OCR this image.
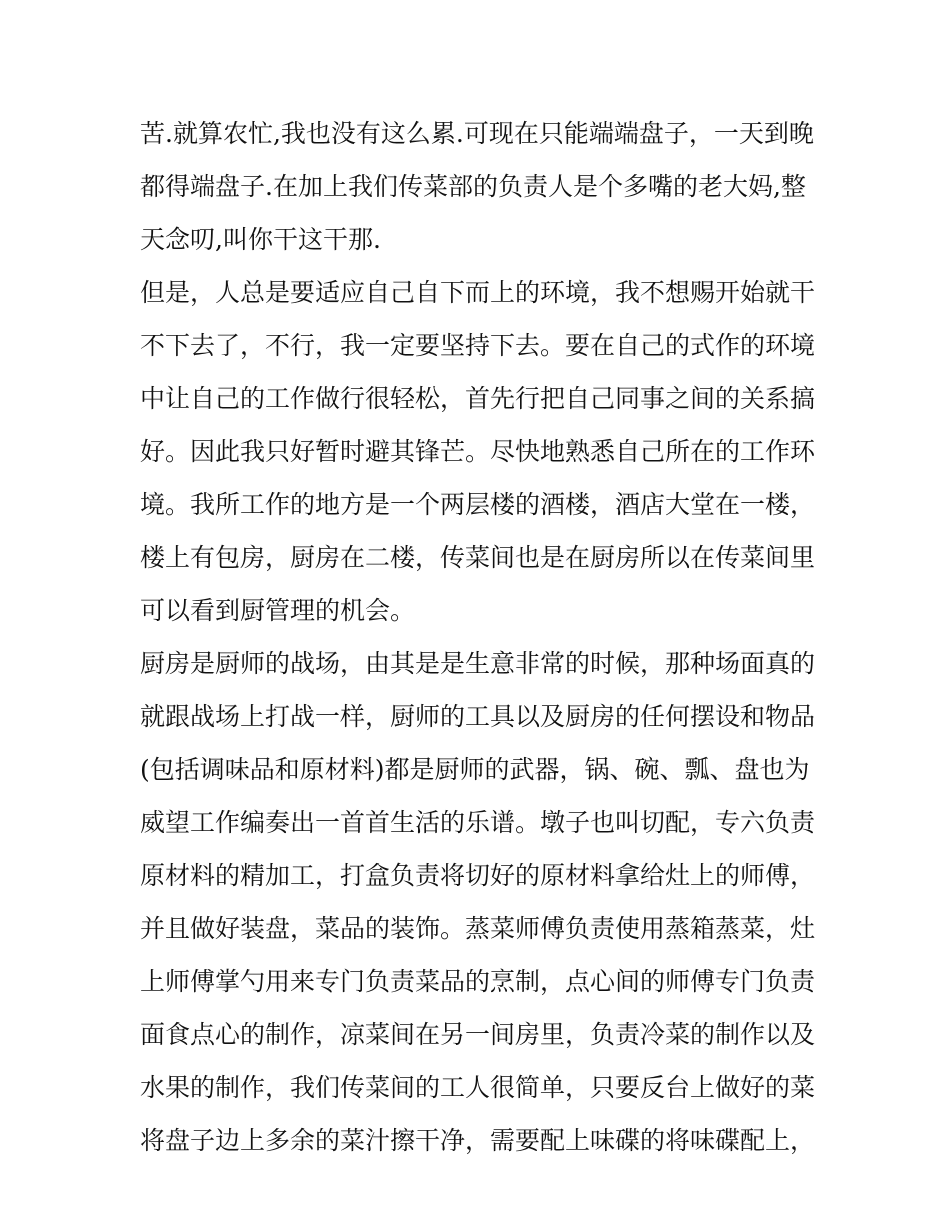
苦.就算农忙,我也没有这么累.可现在只能端端盘子，一天到晚
都得端盘子.在加上我们传菜部的负责人是个多嘴的老大妈,整
天念叨,叫你干这干那.
但是，人总是要适应自己自下而上的环境，我不想赐开始就干
不下去了，不行，我一定要坚持下去。要在自己的式作的环境
中让自己的工作做行很轻松，首先行把自己同事之间的关系搞
好。因此我只好暂时避其锋芒。尽快地熟悉自己所在的工作环
境。我所工作的地方是一个两层楼的酒楼，酒店大堂在一楼，
楼上有包房，厨房在二楼，传菜间也是在厨房所以在传菜间里
可以看到厨管理的机会。
厨房是厨师的战场，由其是是生意非常的时候，那种场面真的
就跟战场上打战一样，厨师的工具以及厨房的任何摆设和物品
(包括调味品和原材料)都是厨师的武器，锅、碗、瓢、盘也为
威望工作编奏出一首首生活的乐谱。墩子也叫切配，专六负责
原材料的精加工，打盒负责将切好的原材料拿给灶上的师傅，
并且做好装盘，菜品的装饰。蒸菜师傅负责使用蒸箱蒸菜，灶
上师傅掌勺用来专门负责菜品的烹制，点心间的师傅专门负责
面食点心的制作，凉菜间在另一间房里，负责冷菜的制作以及
水果的制作，我们传菜间的工人很简单，只要反台上做好的菜
将盘子边上多余的菜汁擦干净，需要配上味碟的将味碟配上，
